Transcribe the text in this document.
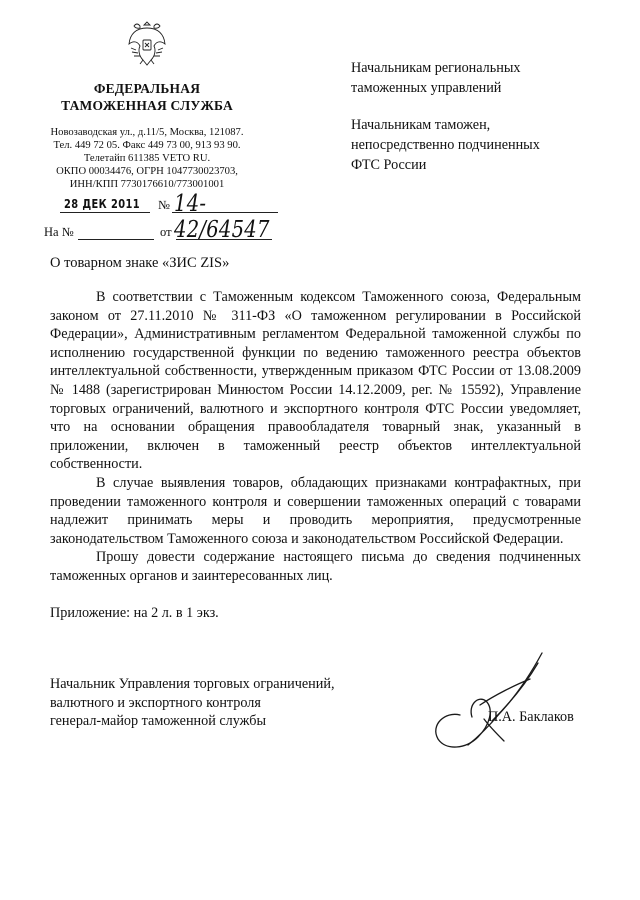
ФЕДЕРАЛЬНАЯ
ТАМОЖЕННАЯ СЛУЖБА
Новозаводская ул., д.11/5, Москва, 121087.
Тел. 449 72 05. Факс 449 73 00, 913 93 90.
Телетайп 611385 VETO RU.
ОКПО 00034476, ОГРН 1047730023703,
ИНН/КПП 7730176610/773001001
28 ДЕК 2011 № 14-42/64547
На №	от
Начальникам региональных
таможенных управлений
Начальникам таможен,
непосредственно подчиненных
ФТС России
О товарном знаке «ЗИС ZIS»

В соответствии с Таможенным кодексом Таможенного союза, Федеральным законом от 27.11.2010 № 311-ФЗ «О таможенном регулировании в Российской Федерации», Административным регламентом Федеральной таможенной службы по исполнению государственной функции по ведению таможенного реестра объектов интеллектуальной собственности, утвержденным приказом ФТС России от 13.08.2009 № 1488 (зарегистрирован Минюстом России 14.12.2009, рег. № 15592), Управление торговых ограничений, валютного и экспортного контроля ФТС России уведомляет, что на основании обращения правообладателя товарный знак, указанный в приложении, включен в таможенный реестр объектов интеллектуальной собственности.

В случае выявления товаров, обладающих признаками контрафактных, при проведении таможенного контроля и совершении таможенных операций с товарами надлежит принимать меры и проводить мероприятия, предусмотренные законодательством Таможенного союза и законодательством Российской Федерации.

Прошу довести содержание настоящего письма до сведения подчиненных таможенных органов и заинтересованных лиц.

Приложение: на 2 л. в 1 экз.
Начальник Управления торговых ограничений,
валютного и экспортного контроля
генерал-майор таможенной службы	П.А. Баклаков
